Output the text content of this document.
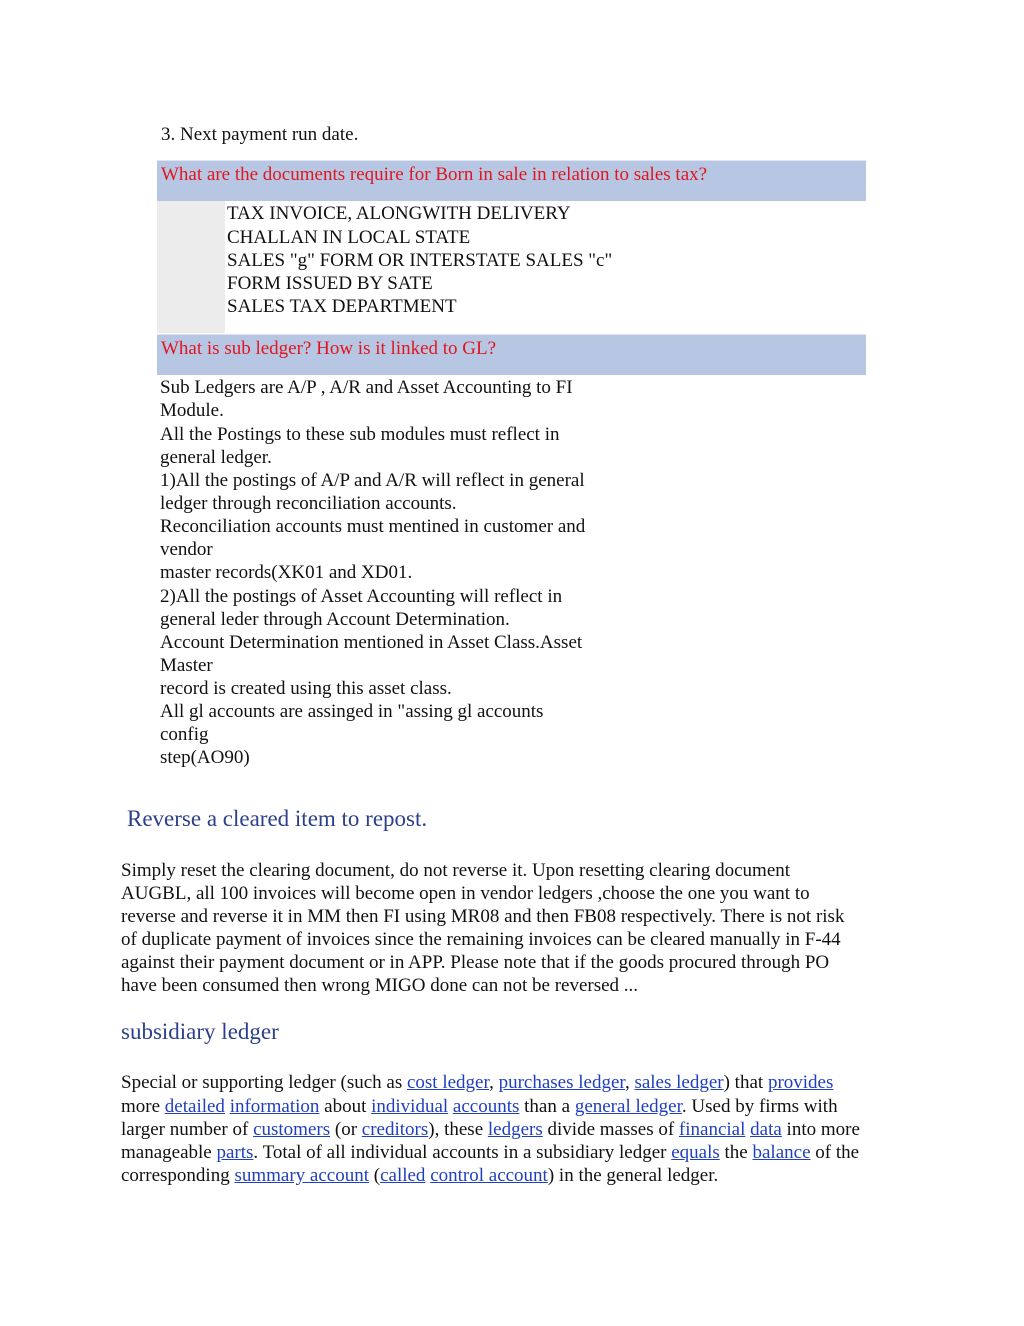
3. Next payment run date.
What are the documents require for Born in sale in relation to sales tax?
TAX INVOICE, ALONGWITH DELIVERY
CHALLAN IN LOCAL STATE
SALES "g" FORM OR INTERSTATE SALES "c"
FORM ISSUED BY SATE
SALES TAX DEPARTMENT
What is sub ledger? How is it linked to GL?
Sub Ledgers are A/P , A/R and Asset Accounting to FI
Module.
All the Postings to these sub modules must reflect in
general ledger.
1)All the postings of A/P and A/R will reflect in general
ledger through reconciliation accounts.
Reconciliation accounts must mentined in customer and
vendor
master records(XK01 and XD01.
2)All the postings of Asset Accounting will reflect in
general leder through Account Determination.
Account Determination mentioned in Asset Class.Asset
Master
record is created using this asset class.
All gl accounts are assinged in "assing gl accounts
config
step(AO90)
Reverse a cleared item to repost.
Simply reset the clearing document, do not reverse it. Upon resetting clearing document
AUGBL, all 100 invoices will become open in vendor ledgers ,choose the one you want to
reverse and reverse it in MM then FI using MR08 and then FB08 respectively. There is not risk
of duplicate payment of invoices since the remaining invoices can be cleared manually in F-44
against their payment document or in APP. Please note that if the goods procured through PO
have been consumed then wrong MIGO done can not be reversed ...
subsidiary ledger
Special or supporting ledger (such as cost ledger, purchases ledger, sales ledger) that provides
more detailed information about individual accounts than a general ledger. Used by firms with
larger number of customers (or creditors), these ledgers divide masses of financial data into more
manageable parts. Total of all individual accounts in a subsidiary ledger equals the balance of the
corresponding summary account (called control account) in the general ledger.
